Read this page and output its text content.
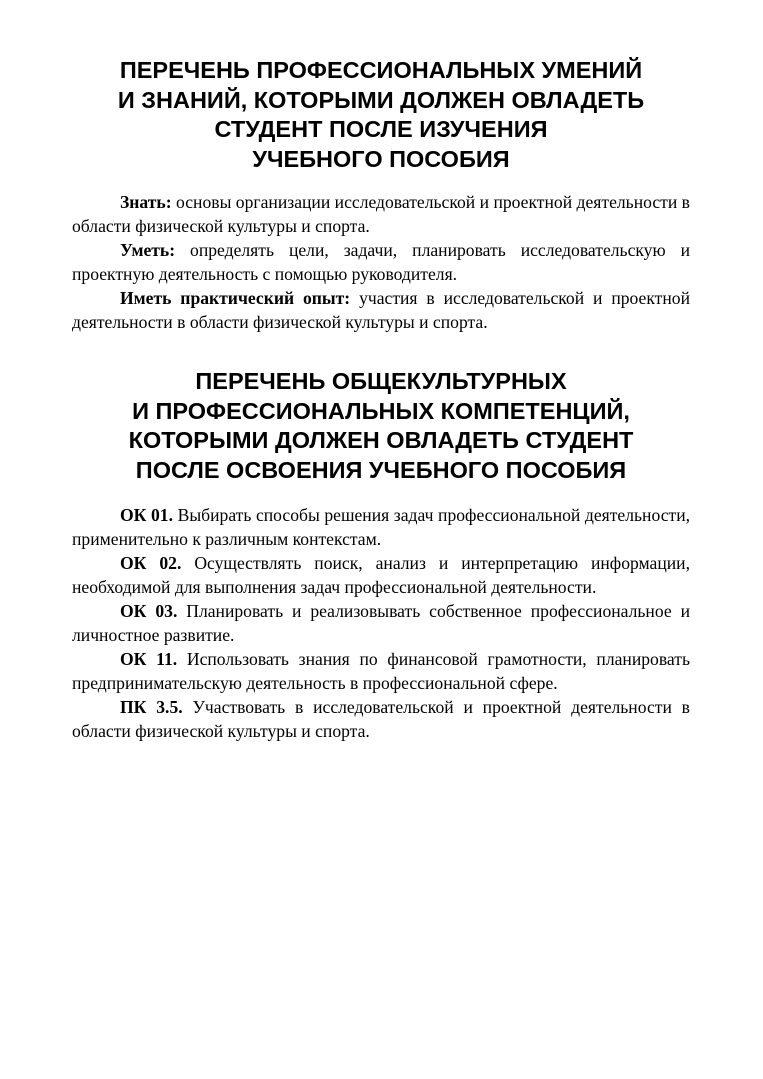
ПЕРЕЧЕНЬ ПРОФЕССИОНАЛЬНЫХ УМЕНИЙ
И ЗНАНИЙ, КОТОРЫМИ ДОЛЖЕН ОВЛАДЕТЬ
СТУДЕНТ ПОСЛЕ ИЗУЧЕНИЯ
УЧЕБНОГО ПОСОБИЯ

Знать: основы организации исследовательской и проектной деятельности в области физической культуры и спорта.

Уметь: определять цели, задачи, планировать исследовательскую и проектную деятельность с помощью руководителя.

Иметь практический опыт: участия в исследовательской и проектной деятельности в области физической культуры и спорта.

ПЕРЕЧЕНЬ ОБЩЕКУЛЬТУРНЫХ
И ПРОФЕССИОНАЛЬНЫХ КОМПЕТЕНЦИЙ,
КОТОРЫМИ ДОЛЖЕН ОВЛАДЕТЬ СТУДЕНТ
ПОСЛЕ ОСВОЕНИЯ УЧЕБНОГО ПОСОБИЯ

ОК 01. Выбирать способы решения задач профессиональной деятельности, применительно к различным контекстам.

ОК 02. Осуществлять поиск, анализ и интерпретацию информации, необходимой для выполнения задач профессиональной деятельности.

ОК 03. Планировать и реализовывать собственное профессиональное и личностное развитие.

ОК 11. Использовать знания по финансовой грамотности, планировать предпринимательскую деятельность в профессиональной сфере.

ПК 3.5. Участвовать в исследовательской и проектной деятельности в области физической культуры и спорта.
